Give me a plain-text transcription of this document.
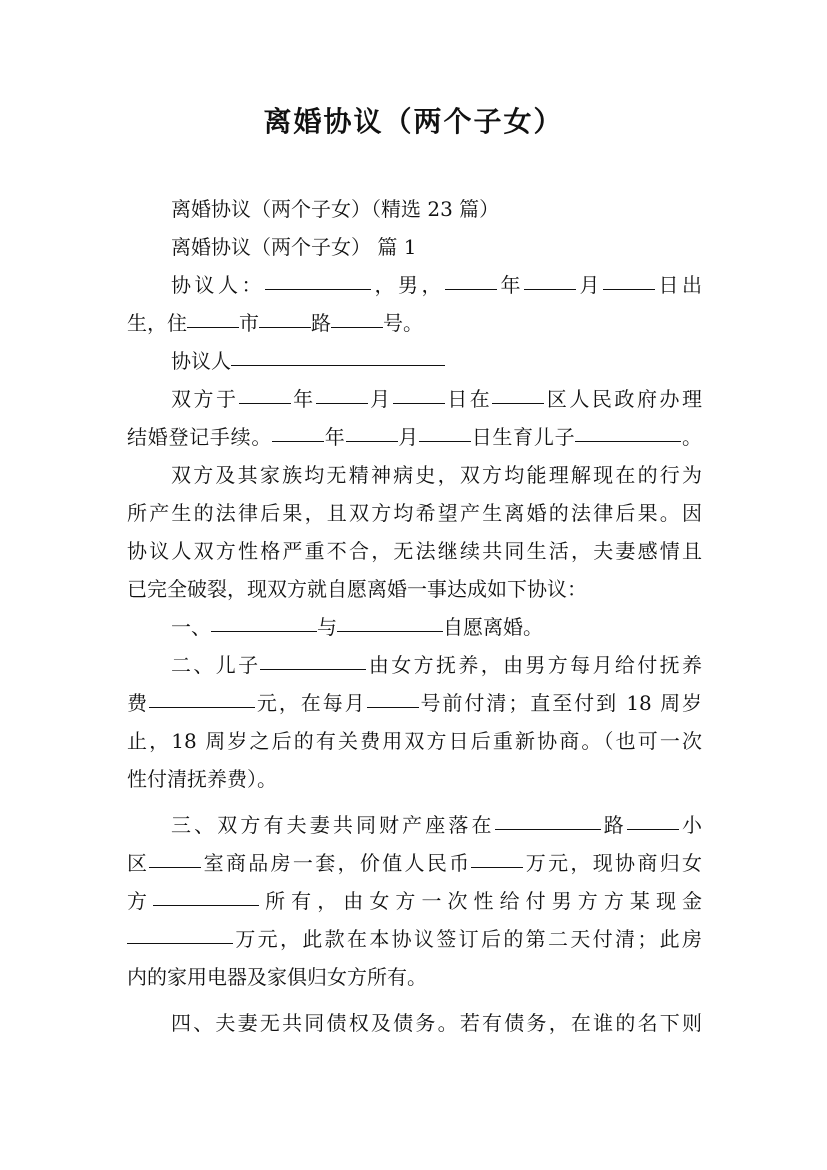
离婚协议（两个子女）
离婚协议（两个子女）（精选 23 篇）
离婚协议（两个子女） 篇 1
协议人：	，男，	年	月	日出
生，住	市	路	号。
协议人
双方于	年	月	日在	区人民政府办理
结婚登记手续。	年	月	日生育儿子	。
双方及其家族均无精神病史，双方均能理解现在的行为
所产生的法律后果，且双方均希望产生离婚的法律后果。因
协议人双方性格严重不合，无法继续共同生活，夫妻感情且
已完全破裂，现双方就自愿离婚一事达成如下协议：
一、	与	自愿离婚。
二、儿子	由女方抚养，由男方每月给付抚养
费	元，在每月	号前付清；直至付到 18 周岁
止，18 周岁之后的有关费用双方日后重新协商。（也可一次
性付清抚养费）。
三、双方有夫妻共同财产座落在	路	小
区	室商品房一套，价值人民币	万元，现协商归女
方	所有，由女方一次性给付男方方某现金
万元，此款在本协议签订后的第二天付清；此房
内的家用电器及家俱归女方所有。
四、夫妻无共同债权及债务。若有债务，在谁的名下则
